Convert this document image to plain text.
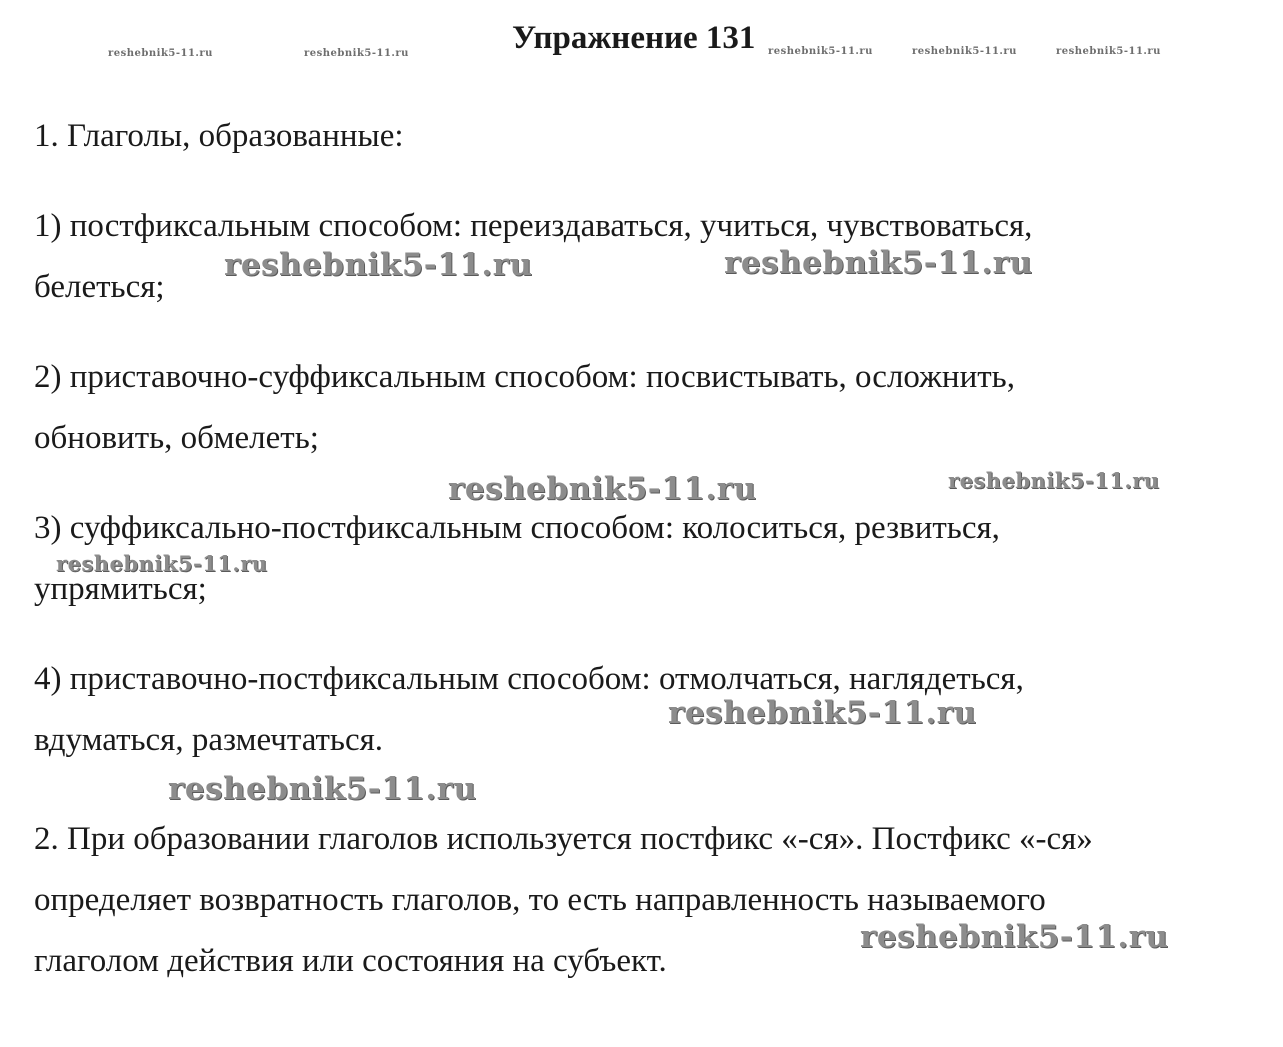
Упражнение 131
1. Глаголы, образованные:
1) постфиксальным способом: переиздаваться, учиться, чувствоваться,
белеться;
2) приставочно-суффиксальным способом: посвистывать, осложнить,
обновить, обмелеть;
3) суффиксально-постфиксальным способом: колоситься, резвиться,
упрямиться;
4) приставочно-постфиксальным способом: отмолчаться, наглядеться,
вдуматься, размечтаться.
2. При образовании глаголов используется постфикс «-ся». Постфикс «-ся»
определяет возвратность глаголов, то есть направленность называемого
глаголом действия или состояния на субъект.
reshebnik5-11.ru	reshebnik5-11.ru	reshebnik5-11.ru	reshebnik5-11.ru	reshebnik5-11.ru
reshebnik5-11.ru	reshebnik5-11.ru
reshebnik5-11.ru	reshebnik5-11.ru
reshebnik5-11.ru
reshebnik5-11.ru
reshebnik5-11.ru
reshebnik5-11.ru
